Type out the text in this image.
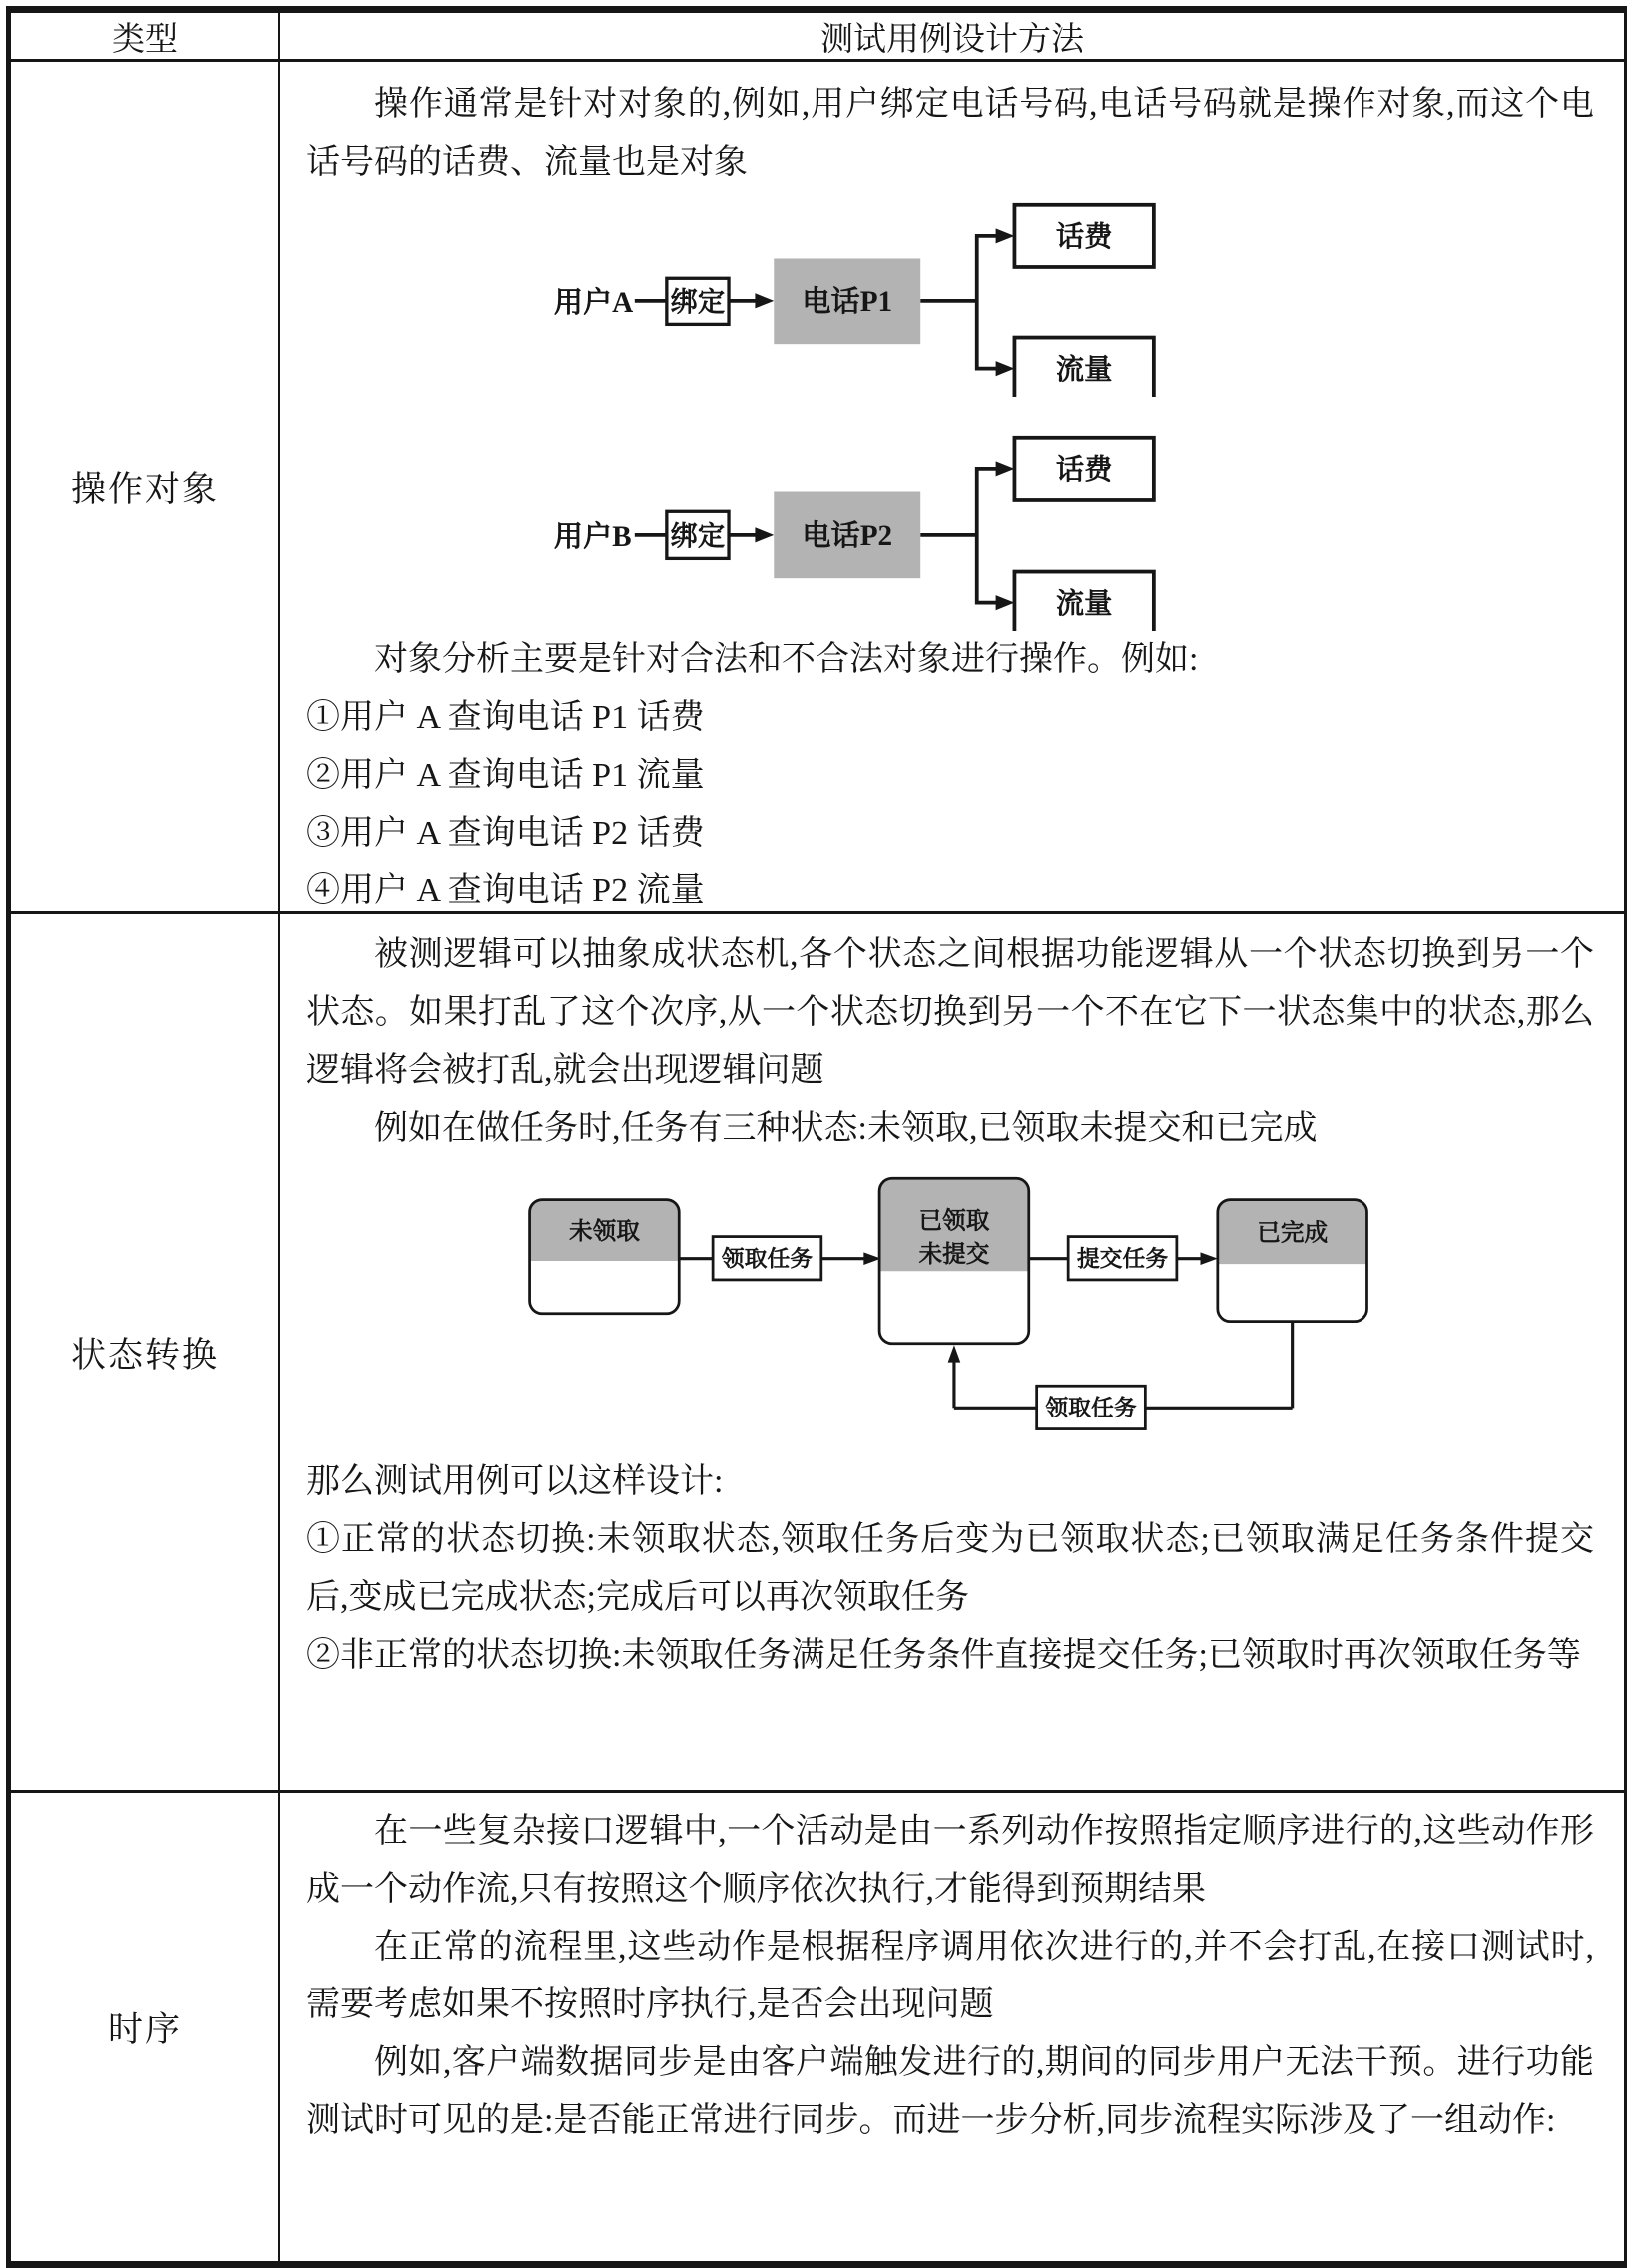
类型	测试用例设计方法
操作对象

操作通常是针对对象的,例如,用户绑定电话号码,电话号码就是操作对象,而这个电话号码的话费、流量也是对象

用户A 绑定 电话P1
话费
流量
用户B 绑定 电话P2
话费
流量

对象分析主要是针对合法和不合法对象进行操作。例如:

①用户 A 查询电话 P1 话费

②用户 A 查询电话 P1 流量

③用户 A 查询电话 P2 话费

④用户 A 查询电话 P2 流量

状态转换

被测逻辑可以抽象成状态机,各个状态之间根据功能逻辑从一个状态切换到另一个状态。如果打乱了这个次序,从一个状态切换到另一个不在它下一状态集中的状态,那么逻辑将会被打乱,就会出现逻辑问题

例如在做任务时,任务有三种状态:未领取,已领取未提交和已完成

未领取
领取任务
已领取
未提交	提交任务
已完成
领取任务

那么测试用例可以这样设计:

①正常的状态切换:未领取状态,领取任务后变为已领取状态;已领取满足任务条件提交后,变成已完成状态;完成后可以再次领取任务

②非正常的状态切换:未领取任务满足任务条件直接提交任务;已领取时再次领取任务等

时序

在一些复杂接口逻辑中,一个活动是由一系列动作按照指定顺序进行的,这些动作形成一个动作流,只有按照这个顺序依次执行,才能得到预期结果

在正常的流程里,这些动作是根据程序调用依次进行的,并不会打乱,在接口测试时,需要考虑如果不按照时序执行,是否会出现问题

例如,客户端数据同步是由客户端触发进行的,期间的同步用户无法干预。进行功能测试时可见的是:是否能正常进行同步。而进一步分析,同步流程实际涉及了一组动作:
